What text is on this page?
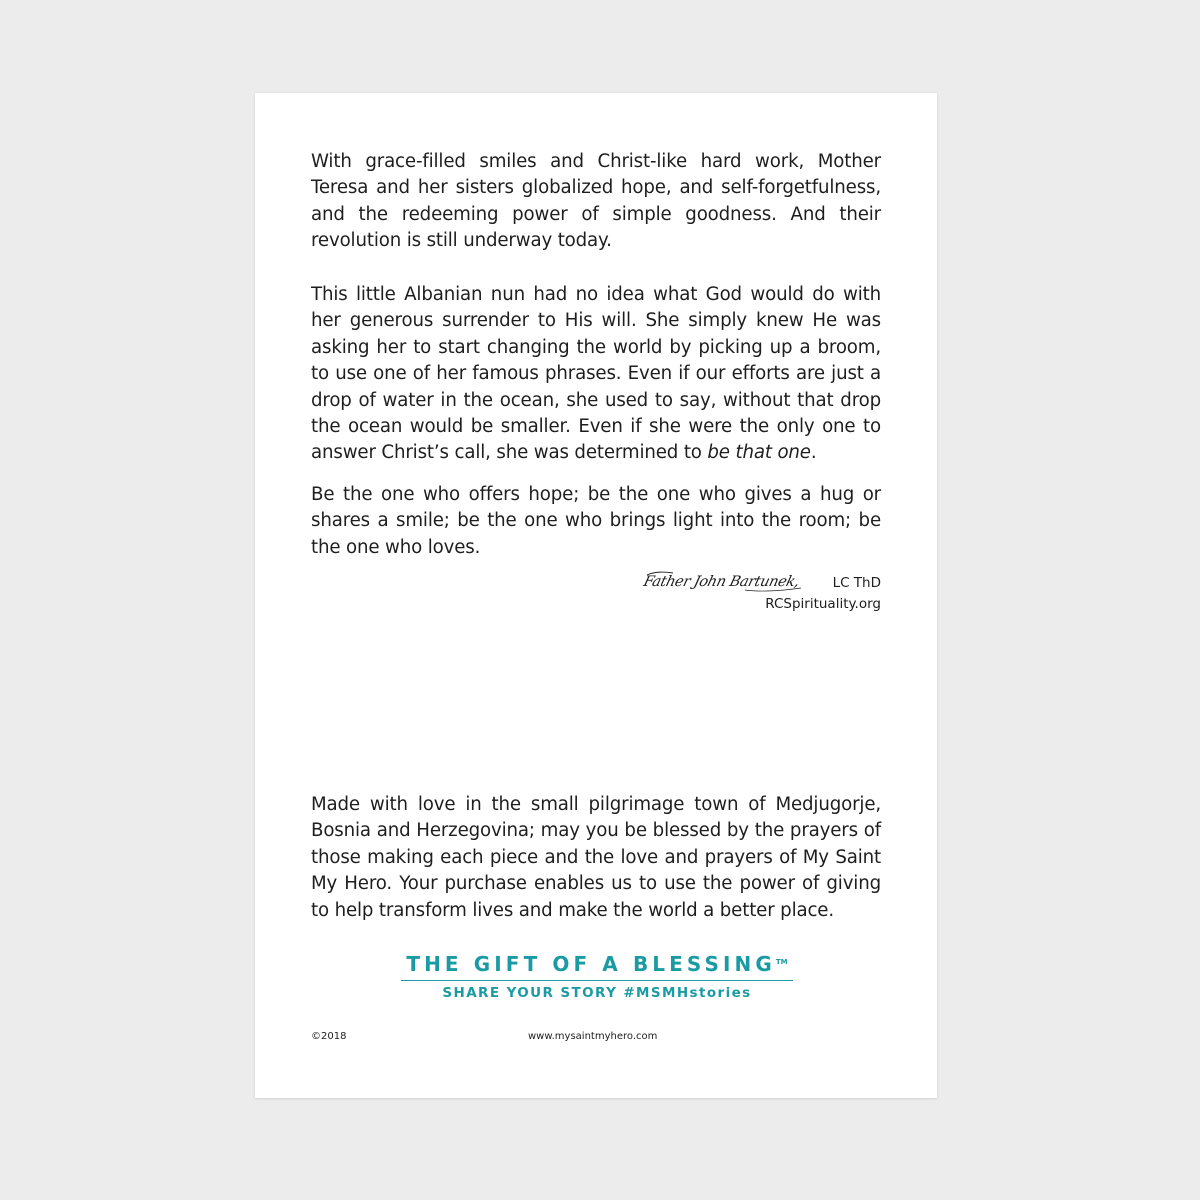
With grace-filled smiles and Christ-like hard work, Mother Teresa and her sisters globalized hope, and self-forgetfulness, and the redeeming power of simple goodness. And their revolution is still underway today.

This little Albanian nun had no idea what God would do with her generous surrender to His will. She simply knew He was asking her to start changing the world by picking up a broom, to use one of her famous phrases. Even if our efforts are just a drop of water in the ocean, she used to say, without that drop the ocean would be smaller. Even if she were the only one to answer Christ’s call, she was determined to be that one.

Be the one who offers hope; be the one who gives a hug or shares a smile; be the one who brings light into the room; be the one who loves.

Father John Bartunek, LC ThD
RCSpirituality.org

Made with love in the small pilgrimage town of Medjugorje, Bosnia and Herzegovina; may you be blessed by the prayers of those making each piece and the love and prayers of My Saint My Hero. Your purchase enables us to use the power of giving to help transform lives and make the world a better place.

THE GIFT OF A BLESSING™
SHARE YOUR STORY #MSMHstories
©2018	www.mysaintmyhero.com
